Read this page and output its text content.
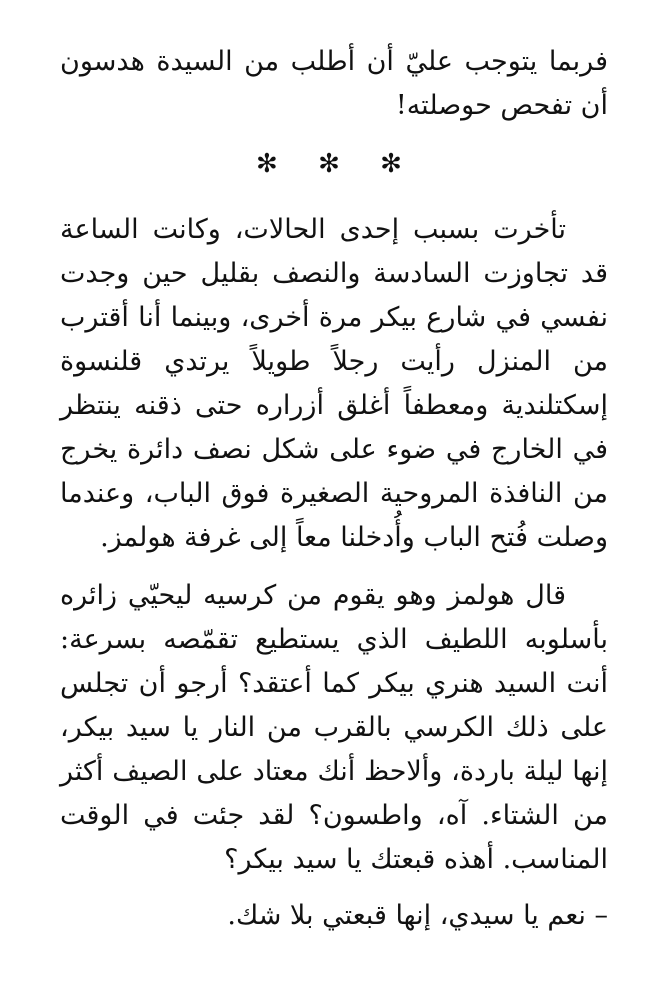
فربما يتوجب عليّ أن أطلب من السيدة هدسون أن تفحص حوصلته!

✻ ✻ ✻

تأخرت بسبب إحدى الحالات، وكانت الساعة قد تجاوزت السادسة والنصف بقليل حين وجدت نفسي في شارع بيكر مرة أخرى، وبينما أنا أقترب من المنزل رأيت رجلاً طويلاً يرتدي قلنسوة إسكتلندية ومعطفاً أغلق أزراره حتى ذقنه ينتظر في الخارج في ضوء على شكل نصف دائرة يخرج من النافذة المروحية الصغيرة فوق الباب، وعندما وصلت فُتح الباب وأُدخلنا معاً إلى غرفة هولمز.

قال هولمز وهو يقوم من كرسيه ليحيّي زائره بأسلوبه اللطيف الذي يستطيع تقمّصه بسرعة: أنت السيد هنري بيكر كما أعتقد؟ أرجو أن تجلس على ذلك الكرسي بالقرب من النار يا سيد بيكر، إنها ليلة باردة، وألاحظ أنك معتاد على الصيف أكثر من الشتاء. آه، واطسون؟ لقد جئت في الوقت المناسب. أهذه قبعتك يا سيد بيكر؟

– نعم يا سيدي، إنها قبعتي بلا شك.
